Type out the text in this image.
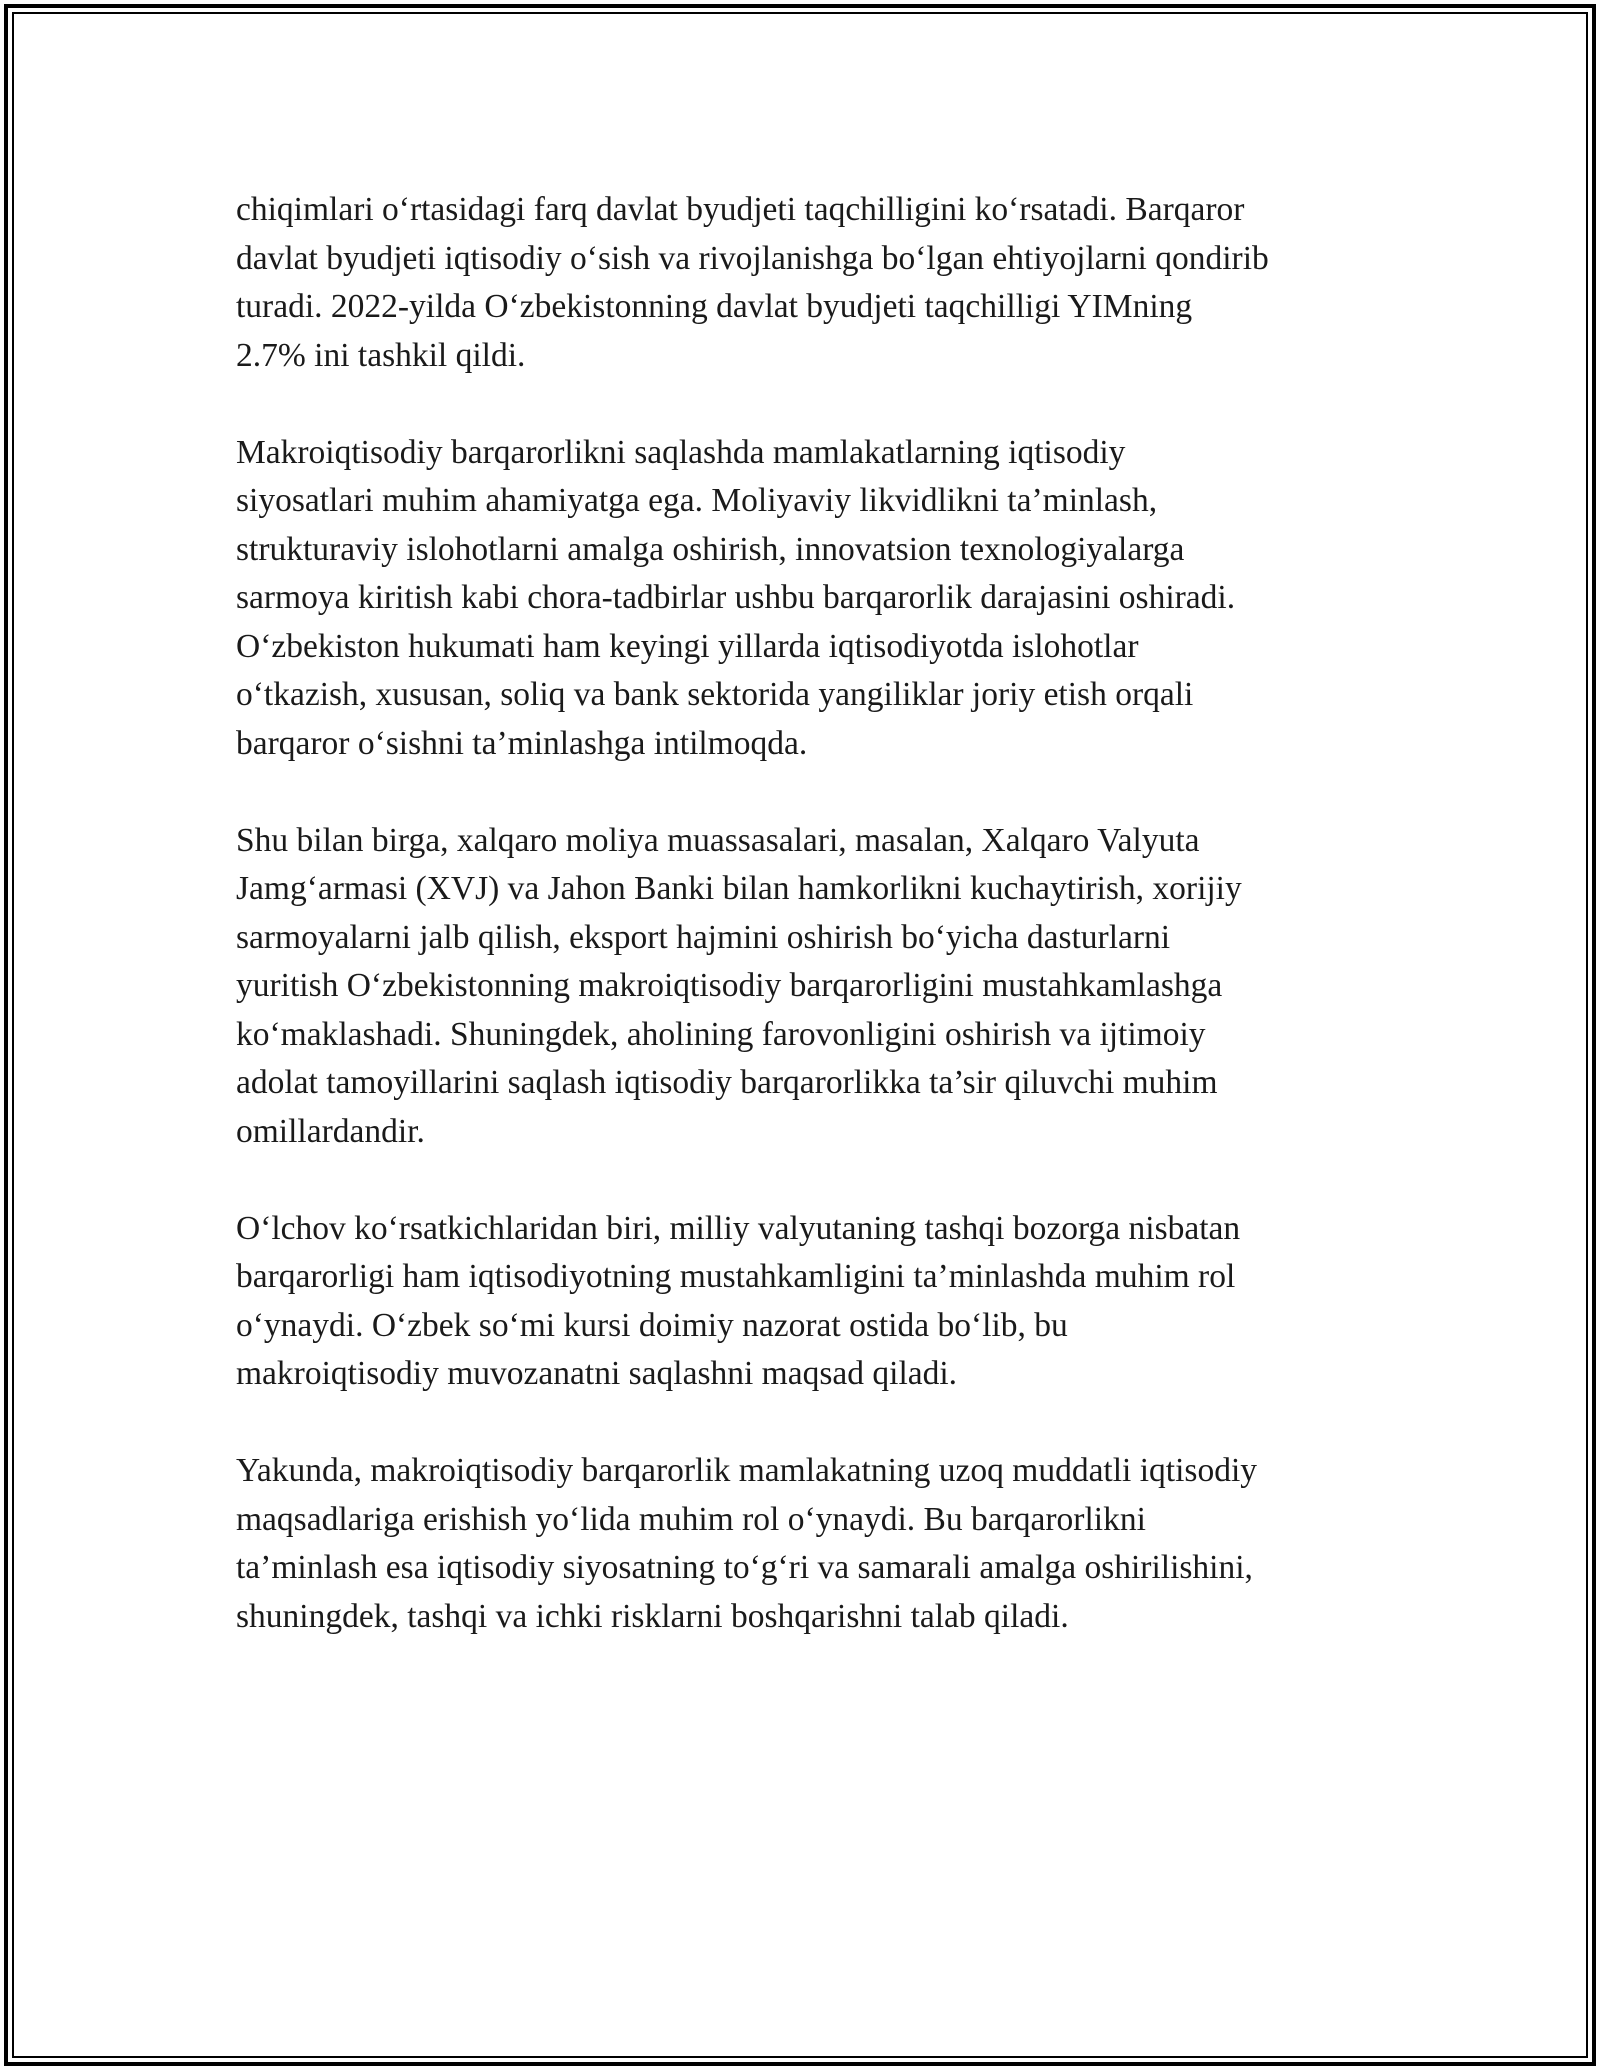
chiqimlari o‘rtasidagi farq davlat byudjeti taqchilligini ko‘rsatadi. Barqaror
davlat byudjeti iqtisodiy o‘sish va rivojlanishga bo‘lgan ehtiyojlarni qondirib
turadi. 2022-yilda O‘zbekistonning davlat byudjeti taqchilligi YIMning
2.7% ini tashkil qildi.
Makroiqtisodiy barqarorlikni saqlashda mamlakatlarning iqtisodiy
siyosatlari muhim ahamiyatga ega. Moliyaviy likvidlikni ta’minlash,
strukturaviy islohotlarni amalga oshirish, innovatsion texnologiyalarga
sarmoya kiritish kabi chora-tadbirlar ushbu barqarorlik darajasini oshiradi.
O‘zbekiston hukumati ham keyingi yillarda iqtisodiyotda islohotlar
o‘tkazish, xususan, soliq va bank sektorida yangiliklar joriy etish orqali
barqaror o‘sishni ta’minlashga intilmoqda.
Shu bilan birga, xalqaro moliya muassasalari, masalan, Xalqaro Valyuta
Jamg‘armasi (XVJ) va Jahon Banki bilan hamkorlikni kuchaytirish, xorijiy
sarmoyalarni jalb qilish, eksport hajmini oshirish bo‘yicha dasturlarni
yuritish O‘zbekistonning makroiqtisodiy barqarorligini mustahkamlashga
ko‘maklashadi. Shuningdek, aholining farovonligini oshirish va ijtimoiy
adolat tamoyillarini saqlash iqtisodiy barqarorlikka ta’sir qiluvchi muhim
omillardandir.
O‘lchov ko‘rsatkichlaridan biri, milliy valyutaning tashqi bozorga nisbatan
barqarorligi ham iqtisodiyotning mustahkamligini ta’minlashda muhim rol
o‘ynaydi. O‘zbek so‘mi kursi doimiy nazorat ostida bo‘lib, bu
makroiqtisodiy muvozanatni saqlashni maqsad qiladi.
Yakunda, makroiqtisodiy barqarorlik mamlakatning uzoq muddatli iqtisodiy
maqsadlariga erishish yo‘lida muhim rol o‘ynaydi. Bu barqarorlikni
ta’minlash esa iqtisodiy siyosatning to‘g‘ri va samarali amalga oshirilishini,
shuningdek, tashqi va ichki risklarni boshqarishni talab qiladi.
